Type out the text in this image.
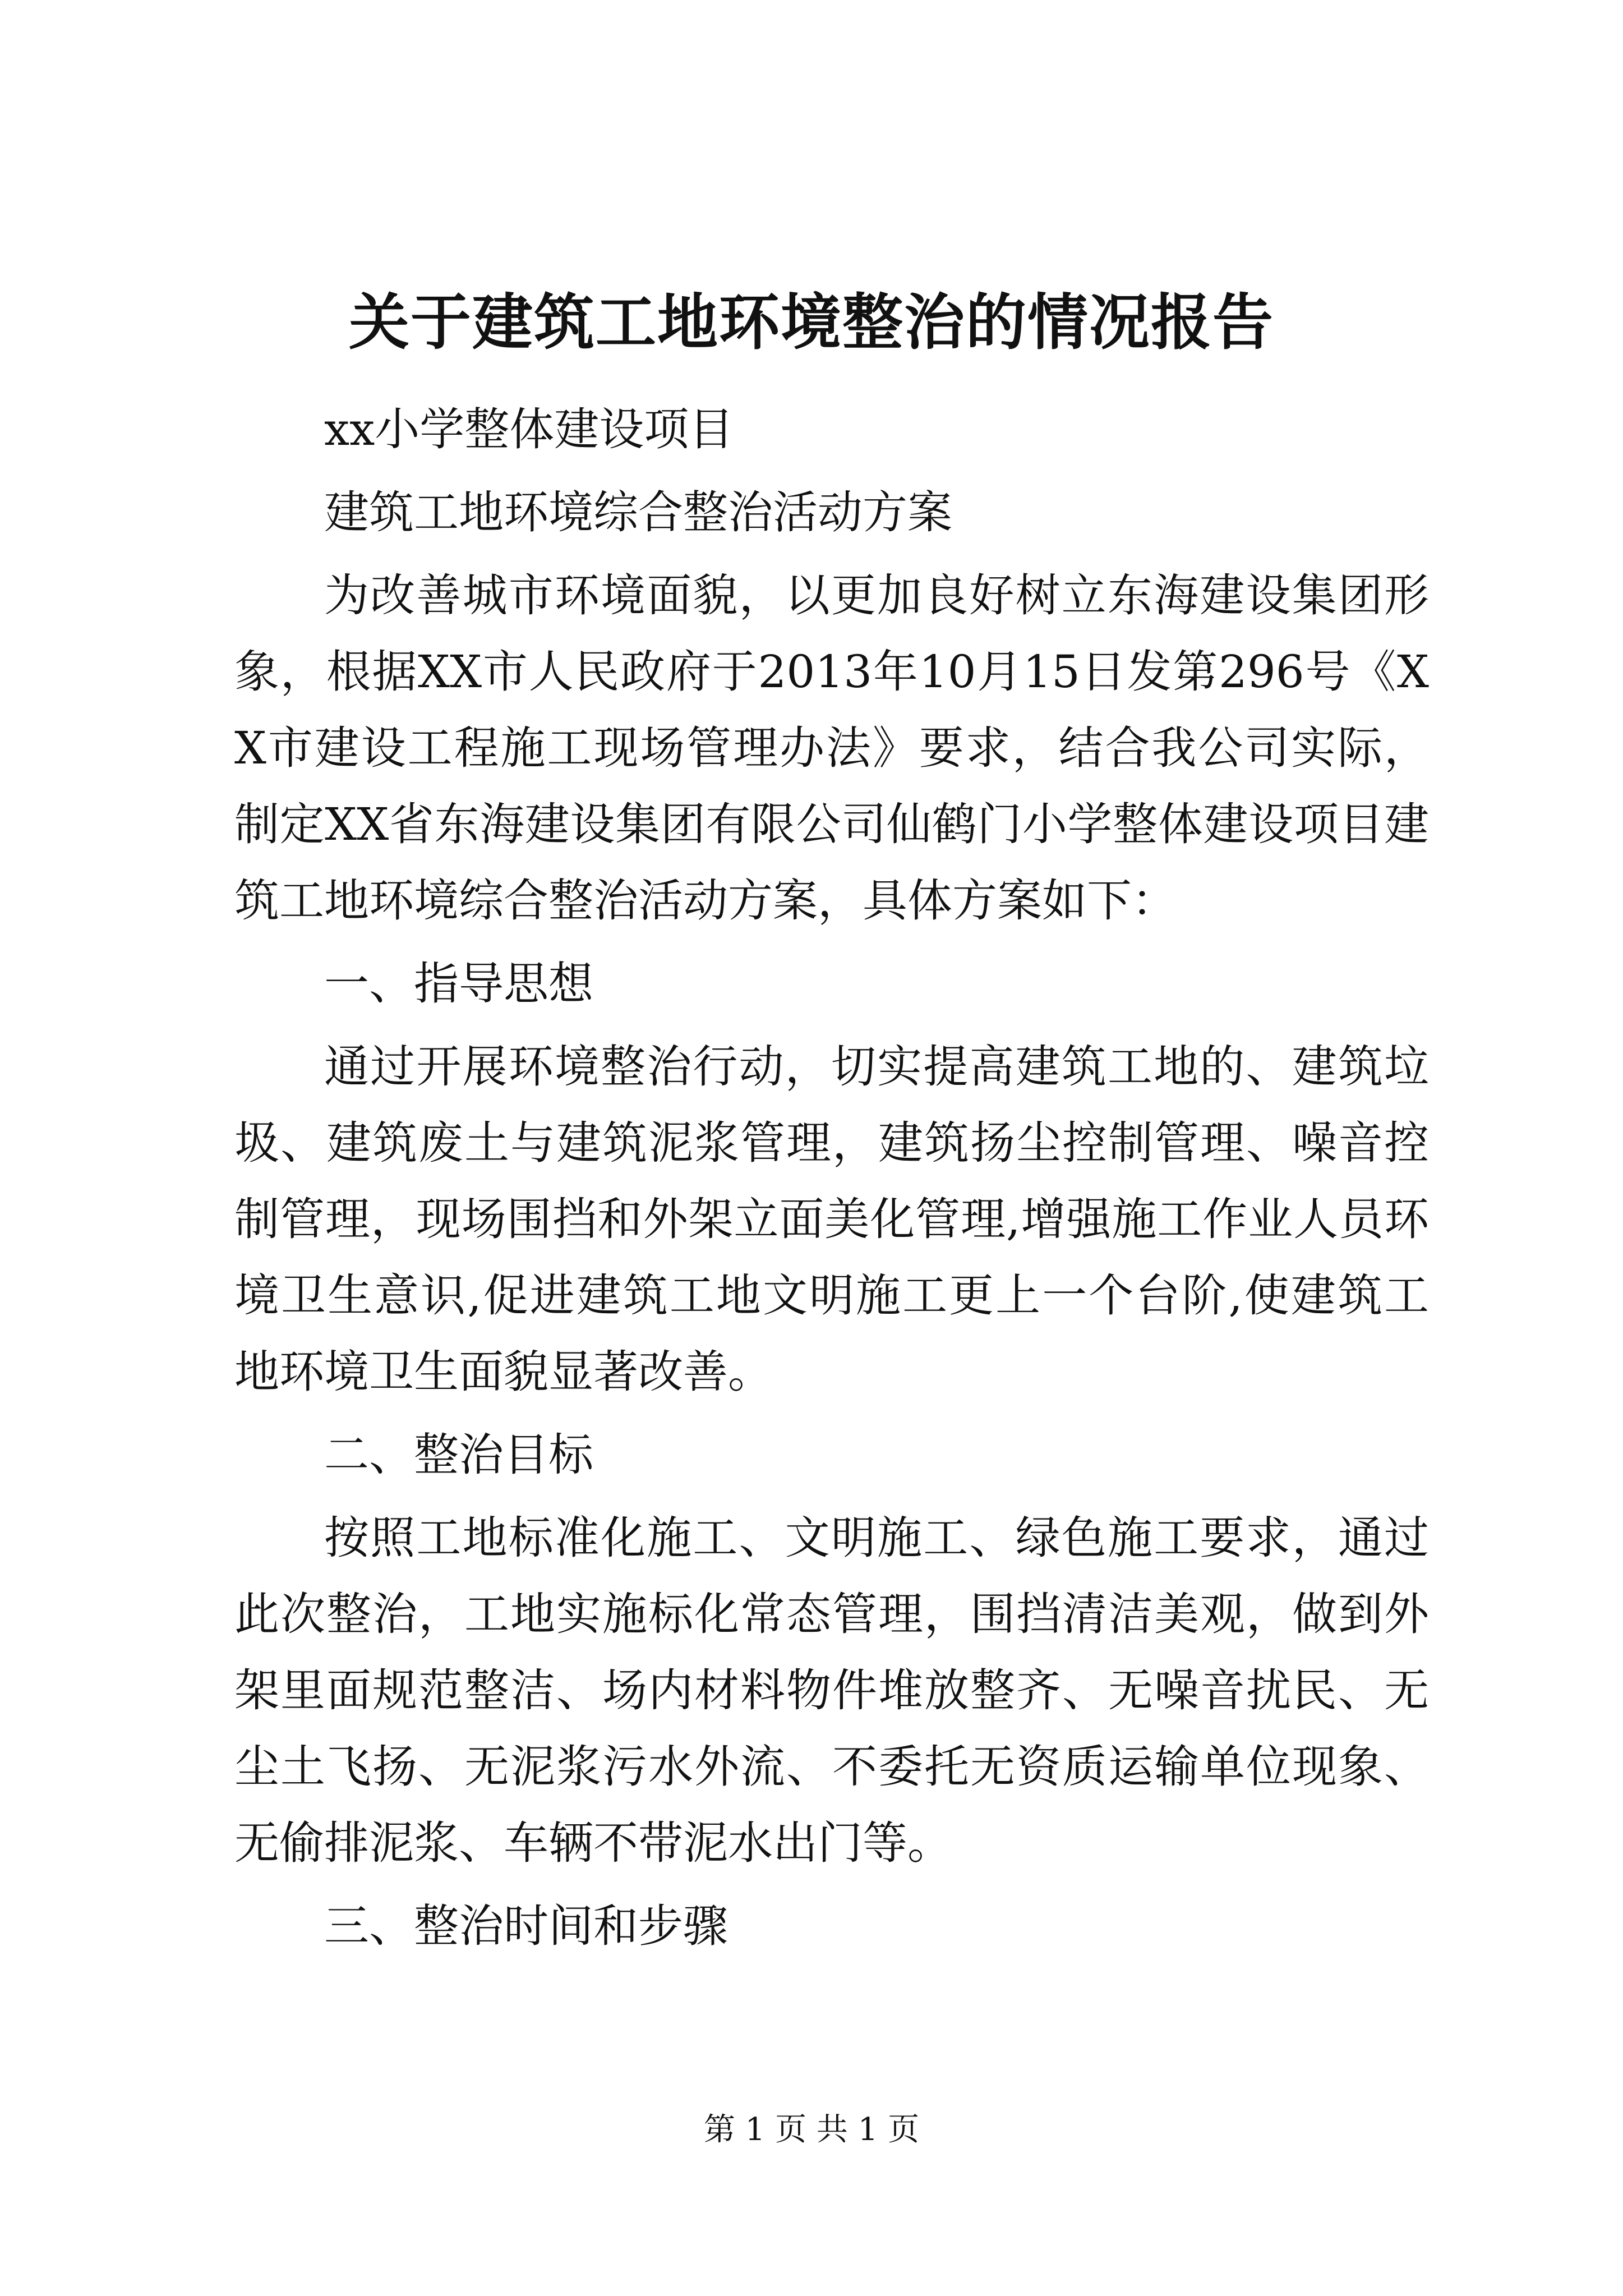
关于建筑工地环境整治的情况报告

xx小学整体建设项目

建筑工地环境综合整治活动方案

为改善城市环境面貌，以更加良好树立东海建设集团形象，根据XX市人民政府于2013年10月15日发第296号《XX市建设工程施工现场管理办法》要求，结合我公司实际，制定XX省东海建设集团有限公司仙鹤门小学整体建设项目建筑工地环境综合整治活动方案，具体方案如下：

一、指导思想

通过开展环境整治行动，切实提高建筑工地的、建筑垃圾、建筑废土与建筑泥浆管理，建筑扬尘控制管理、噪音控制管理，现场围挡和外架立面美化管理,增强施工作业人员环境卫生意识,促进建筑工地文明施工更上一个台阶,使建筑工地环境卫生面貌显著改善。

二、整治目标

按照工地标准化施工、文明施工、绿色施工要求，通过此次整治，工地实施标化常态管理，围挡清洁美观，做到外架里面规范整洁、场内材料物件堆放整齐、无噪音扰民、无尘土飞扬、无泥浆污水外流、不委托无资质运输单位现象、无偷排泥浆、车辆不带泥水出门等。

三、整治时间和步骤

第 1 页 共 1 页
